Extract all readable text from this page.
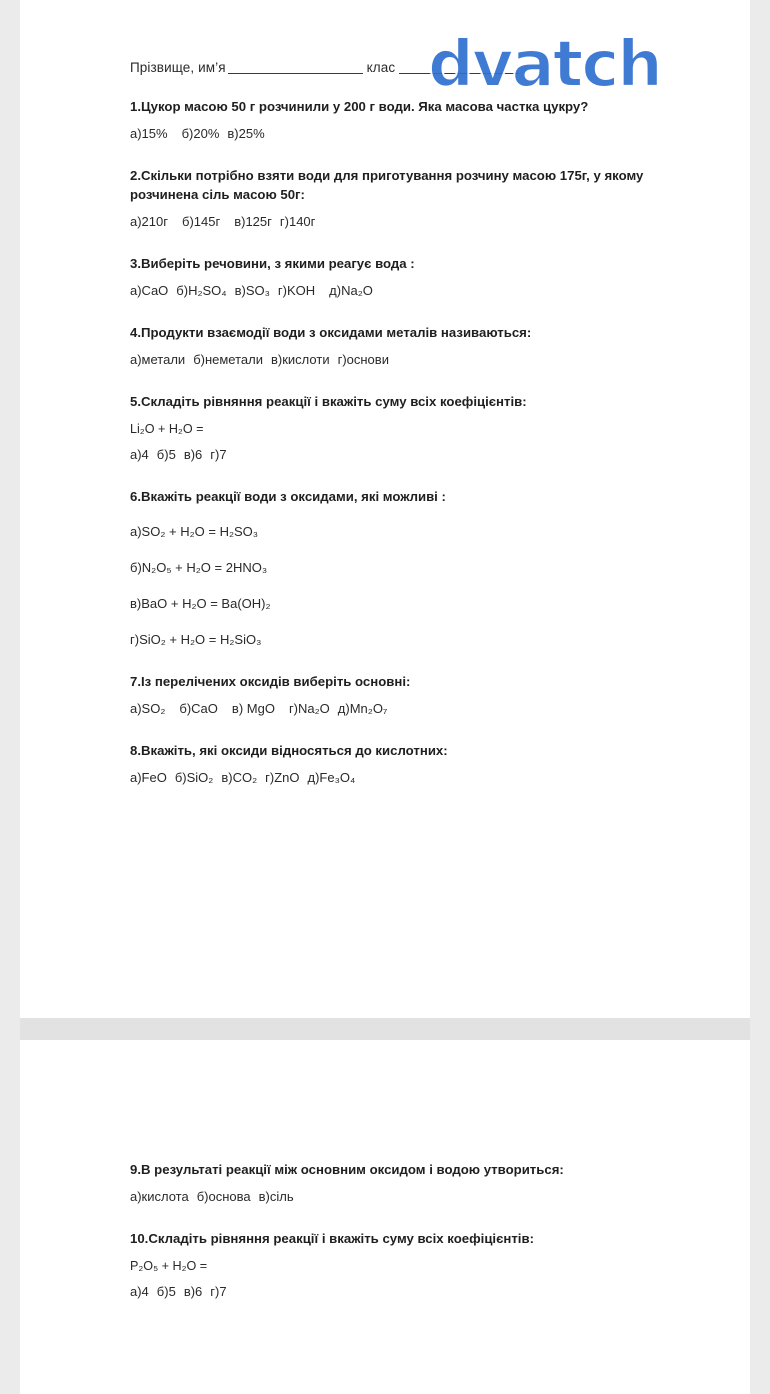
Прізвище, им’я	клас
1.Цукор масою 50 г розчинили у 200 г води. Яка масова частка цукру?
а)15% б)20% в)25%
2.Скільки потрібно взяти води для приготування розчину масою 175г, у якому розчинена сіль масою 50г:
а)210г б)145г в)125г г)140г
3.Виберіть речовини, з якими реагує вода :
а)CaO б)H₂SO₄ в)SO₃ г)KOH д)Na₂O
4.Продукти взаємодії води з оксидами металів називаються:
а)метали б)неметали в)кислоти г)основи
5.Складіть рівняння реакції і вкажіть суму всіх коефіцієнтів:
Li₂O + H₂O =
а)4 б)5 в)6 г)7
6.Вкажіть реакції води з оксидами, які можливі :
а)SO₂ + H₂O = H₂SO₃
б)N₂O₅ + H₂O = 2HNO₃
в)BaO + H₂O = Ba(OH)₂
г)SiO₂ + H₂O = H₂SiO₃
7.Із перелічених оксидів виберіть основні:
а)SO₂ б)CaO в) MgO г)Na₂O д)Mn₂O₇
8.Вкажіть, які оксиди відносяться до кислотних:
а)FeO б)SiO₂ в)CO₂ г)ZnO д)Fe₃O₄
dvatch
9.В результаті реакції між основним оксидом і водою утвориться:
а)кислота б)основа в)сіль
10.Складіть рівняння реакції і вкажіть суму всіх коефіцієнтів:
P₂O₅ + H₂O =
а)4 б)5 в)6 г)7
